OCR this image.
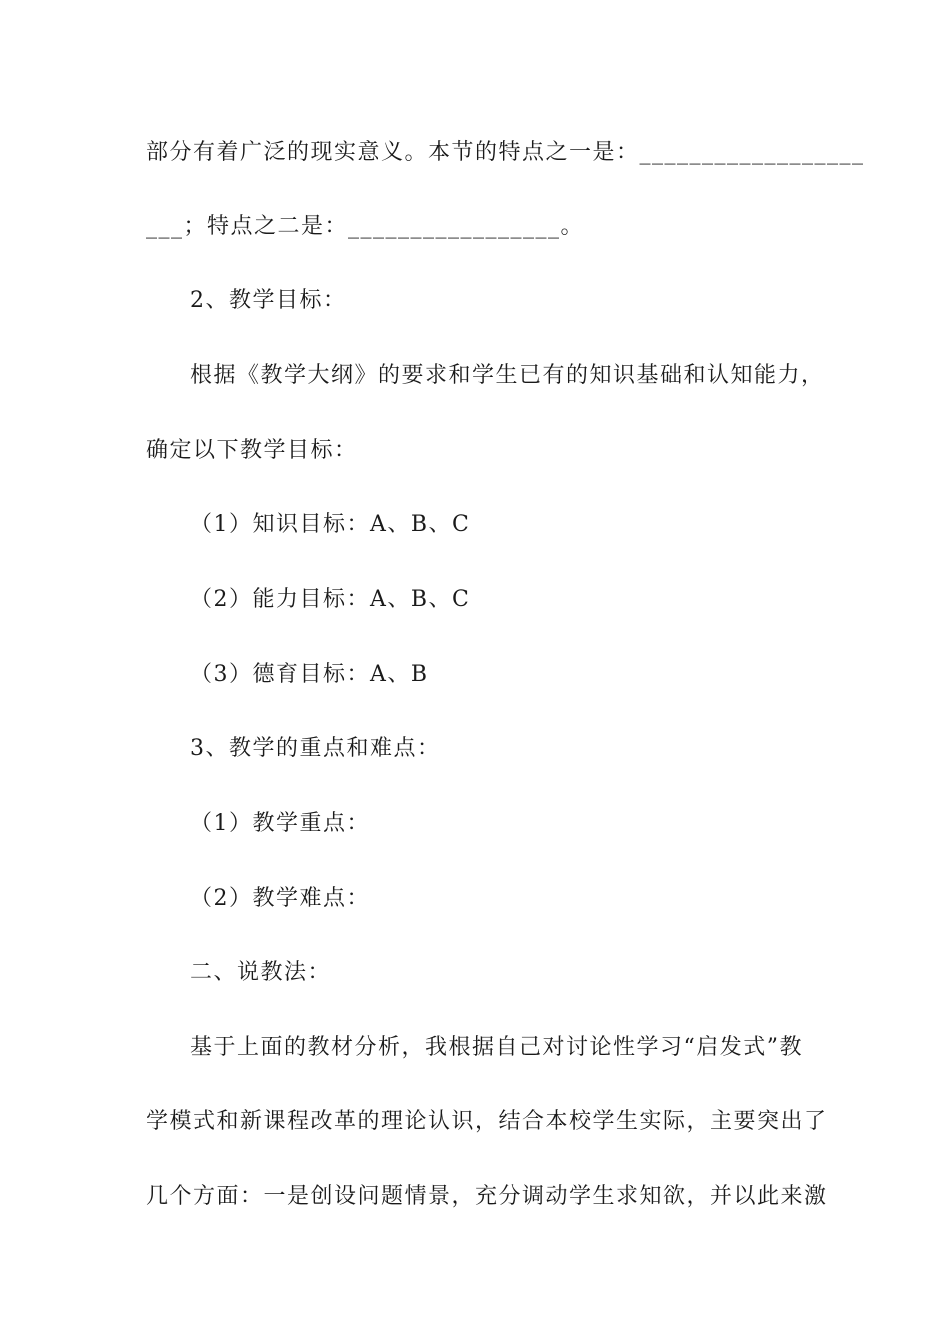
部分有着广泛的现实意义。本节的特点之一是：__________________
___；特点之二是：_________________。
2、教学目标：
根据《教学大纲》的要求和学生已有的知识基础和认知能力，
确定以下教学目标：
（1）知识目标：A、B、C
（2）能力目标：A、B、C
（3）德育目标：A、B
3、教学的重点和难点：
（1）教学重点：
（2）教学难点：
二、说教法：
基于上面的教材分析，我根据自己对讨论性学习“启发式”教
学模式和新课程改革的理论认识，结合本校学生实际，主要突出了
几个方面：一是创设问题情景，充分调动学生求知欲，并以此来激
